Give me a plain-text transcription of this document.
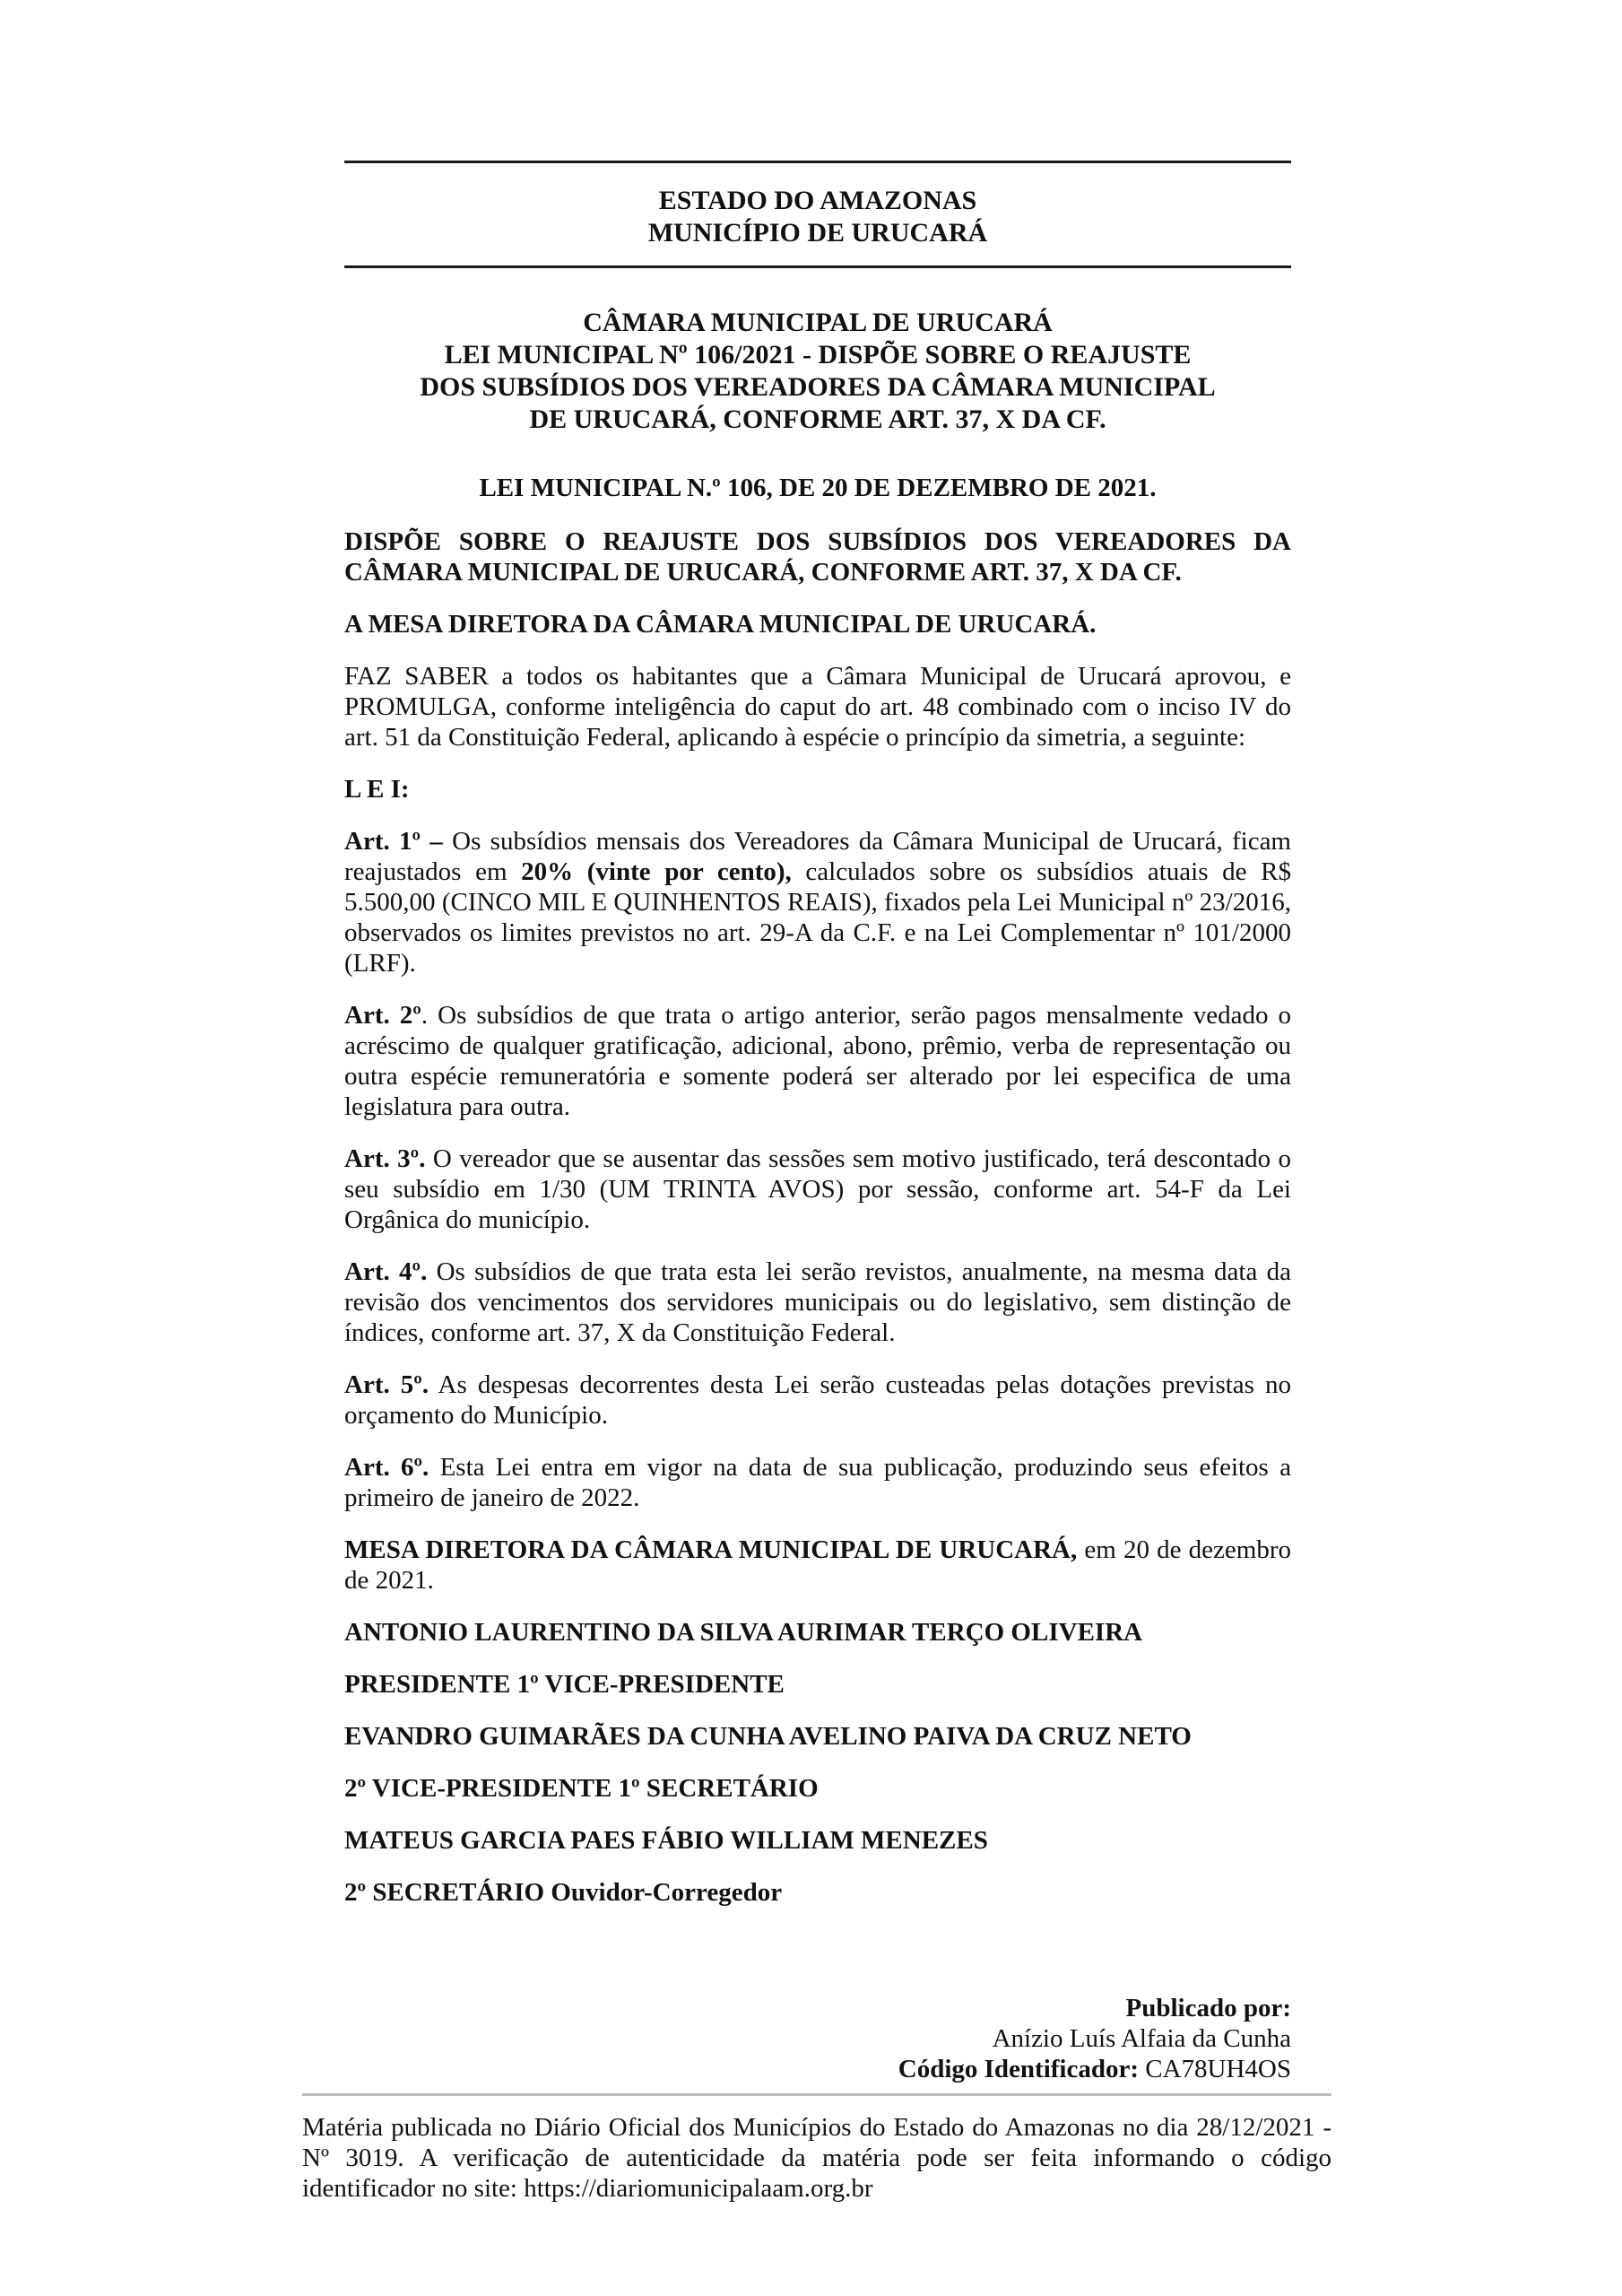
ESTADO DO AMAZONAS
MUNICÍPIO DE URUCARÁ
CÂMARA MUNICIPAL DE URUCARÁ
LEI MUNICIPAL Nº 106/2021 - DISPÕE SOBRE O REAJUSTE
DOS SUBSÍDIOS DOS VEREADORES DA CÂMARA MUNICIPAL
DE URUCARÁ, CONFORME ART. 37, X DA CF.

LEI MUNICIPAL N.º 106, DE 20 DE DEZEMBRO DE 2021.

DISPÕE SOBRE O REAJUSTE DOS SUBSÍDIOS DOS VEREADORES DA CÂMARA MUNICIPAL DE URUCARÁ, CONFORME ART. 37, X DA CF.

A MESA DIRETORA DA CÂMARA MUNICIPAL DE URUCARÁ.

FAZ SABER a todos os habitantes que a Câmara Municipal de Urucará aprovou, e PROMULGA, conforme inteligência do caput do art. 48 combinado com o inciso IV do art. 51 da Constituição Federal, aplicando à espécie o princípio da simetria, a seguinte:

L E I:

Art. 1º – Os subsídios mensais dos Vereadores da Câmara Municipal de Urucará, ficam reajustados em 20% (vinte por cento), calculados sobre os subsídios atuais de R$ 5.500,00 (CINCO MIL E QUINHENTOS REAIS), fixados pela Lei Municipal nº 23/2016, observados os limites previstos no art. 29-A da C.F. e na Lei Complementar nº 101/2000 (LRF).

Art. 2º. Os subsídios de que trata o artigo anterior, serão pagos mensalmente vedado o acréscimo de qualquer gratificação, adicional, abono, prêmio, verba de representação ou outra espécie remuneratória e somente poderá ser alterado por lei especifica de uma legislatura para outra.

Art. 3º. O vereador que se ausentar das sessões sem motivo justificado, terá descontado o seu subsídio em 1/30 (UM TRINTA AVOS) por sessão, conforme art. 54-F da Lei Orgânica do município.

Art. 4º. Os subsídios de que trata esta lei serão revistos, anualmente, na mesma data da revisão dos vencimentos dos servidores municipais ou do legislativo, sem distinção de índices, conforme art. 37, X da Constituição Federal.

Art. 5º. As despesas decorrentes desta Lei serão custeadas pelas dotações previstas no orçamento do Município.

Art. 6º. Esta Lei entra em vigor na data de sua publicação, produzindo seus efeitos a primeiro de janeiro de 2022.

MESA DIRETORA DA CÂMARA MUNICIPAL DE URUCARÁ, em 20 de dezembro de 2021.

ANTONIO LAURENTINO DA SILVA AURIMAR TERÇO OLIVEIRA

PRESIDENTE 1º VICE-PRESIDENTE

EVANDRO GUIMARÃES DA CUNHA AVELINO PAIVA DA CRUZ NETO

2º VICE-PRESIDENTE 1º SECRETÁRIO

MATEUS GARCIA PAES FÁBIO WILLIAM MENEZES

2º SECRETÁRIO Ouvidor-Corregedor

Publicado por:
Anízio Luís Alfaia da Cunha
Código Identificador: CA78UH4OS
Matéria publicada no Diário Oficial dos Municípios do Estado do Amazonas no dia 28/12/2021 - Nº 3019. A verificação de autenticidade da matéria pode ser feita informando o código identificador no site: https://diariomunicipalaam.org.br
